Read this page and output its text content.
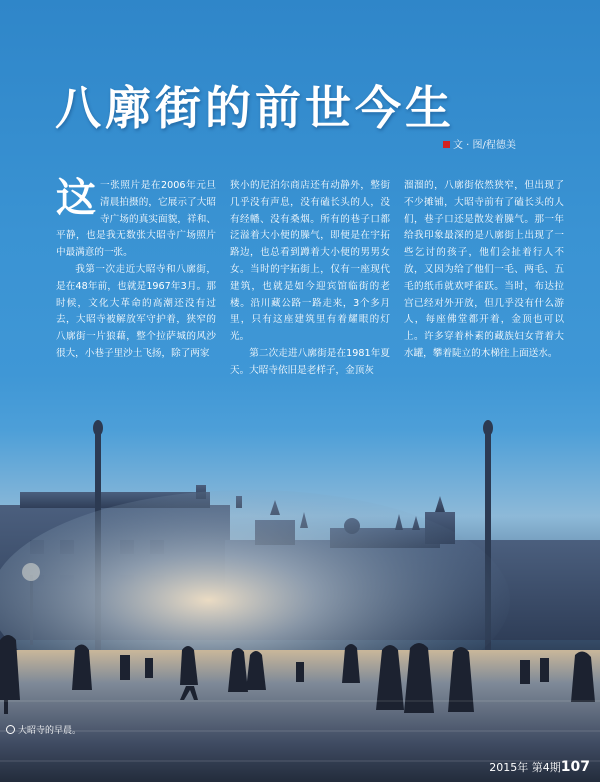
八廓街的前世今生
文 · 图/程德美

这一张照片是在2006年元旦清晨拍摄的，它展示了大昭寺广场的真实面貌，祥和、平静，也是我无数张大昭寺广场照片中最满意的一张。

我第一次走近大昭寺和八廓街，是在48年前，也就是1967年3月。那时候，文化大革命的高潮还没有过去，大昭寺被解放军守护着，狭窄的八廓街一片狼藉，整个拉萨城的风沙很大，小巷子里沙土飞扬，除了两家

狭小的尼泊尔商店还有动静外，整街几乎没有声息，没有磕长头的人，没有经幡、没有桑烟。所有的巷子口都泛溢着大小便的臊气，即便是在宇拓路边，也总看到蹲着大小便的男男女女。当时的宇拓街上，仅有一座现代建筑，也就是如今迎宾馆临街的老楼。沿川藏公路一路走来，3个多月里，只有这座建筑里有着耀眼的灯光。

第二次走进八廓街是在1981年夏天。大昭寺依旧是老样子，金顶灰

溜溜的，八廓街依然狭窄，但出现了不少摊铺，大昭寺前有了磕长头的人们，巷子口还是散发着臊气。那一年给我印象最深的是八廓街上出现了一些乞讨的孩子，他们会扯着行人不放，又因为给了他们一毛、两毛、五毛的纸币就欢呼雀跃。当时，布达拉宫已经对外开放，但几乎没有什么游人，每座佛堂都开着，金顶也可以上。许多穿着朴素的藏族妇女背着大水罐，攀着陡立的木梯往上面送水。

大昭寺的早晨。
2015年 第4期107
